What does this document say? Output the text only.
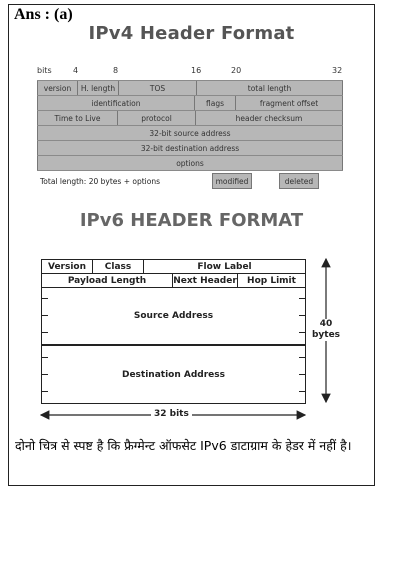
Ans : (a)
IPv4 Header Format
bits	4	8	16	20	32
version	H. length	TOS	total length
identification	flags	fragment offset
Time to Live	protocol	header checksum
32-bit source address
32-bit destination address
options
Total length: 20 bytes + options	modified	deleted
IPv6 HEADER FORMAT
Version	Class	Flow Label
Payload Length	Next Header	Hop Limit
Source Address
Destination Address
40
bytes
32 bits
दोनो चित्र से स्पष्ट है कि फ्रैग्मेन्ट ऑफसेट IPv6 डाटाग्राम के हेडर में नहीं है।
